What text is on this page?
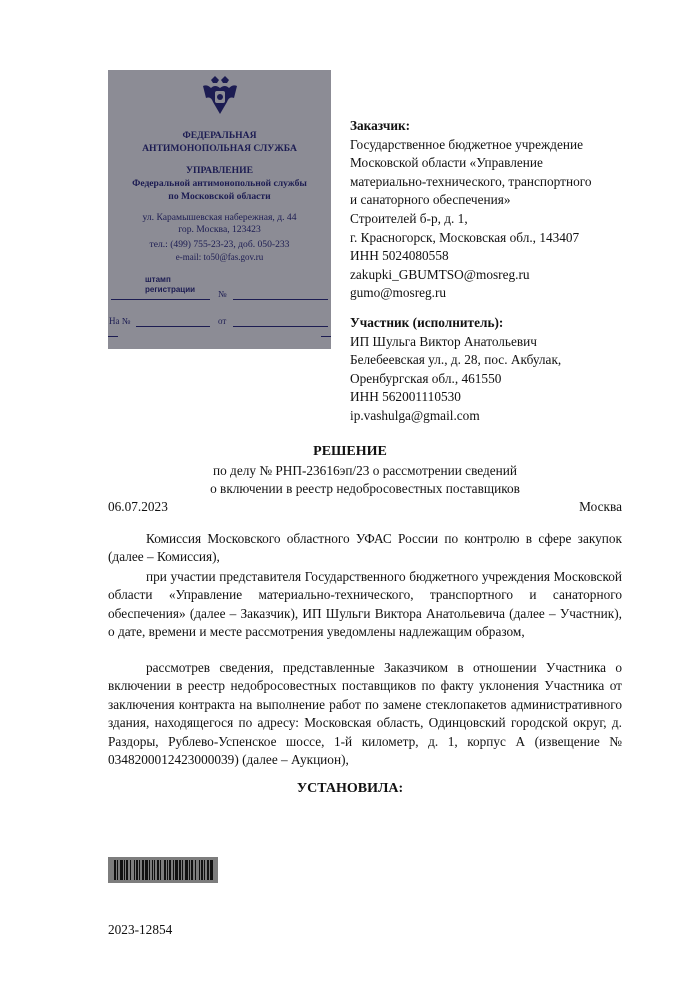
ФЕДЕРАЛЬНАЯ
АНТИМОНОПОЛЬНАЯ СЛУЖБА
УПРАВЛЕНИЕ
Федеральной антимонопольной службы
по Московской области
ул. Карамышевская набережная, д. 44
гор. Москва, 123423
тел.: (499) 755-23-23, доб. 050-233
e-mail: to50@fas.gov.ru
штамп
регистрации	№
На №	от
Заказчик:
Государственное бюджетное учреждение
Московской области «Управление
материально-технического, транспортного
и санаторного обеспечения»
Строителей б-р, д. 1,
г. Красногорск, Московская обл., 143407
ИНН 5024080558
zakupki_GBUMTSO@mosreg.ru
gumo@mosreg.ru
Участник (исполнитель):
ИП Шульга Виктор Анатольевич
Белебеевская ул., д. 28, пос. Акбулак,
Оренбургская обл., 461550
ИНН 562001110530
ip.vashulga@gmail.com
РЕШЕНИЕ
по делу № РНП-23616эп/23 о рассмотрении сведений
о включении в реестр недобросовестных поставщиков
06.07.2023	Москва

Комиссия Московского областного УФАС России по контролю в сфере закупок (далее – Комиссия),

при участии представителя Государственного бюджетного учреждения Московской области «Управление материально-технического, транспортного и санаторного обеспечения» (далее – Заказчик), ИП Шульги Виктора Анатольевича (далее – Участник), о дате, времени и месте рассмотрения уведомлены надлежащим образом,

рассмотрев сведения, представленные Заказчиком в отношении Участника о включении в реестр недобросовестных поставщиков по факту уклонения Участника от заключения контракта на выполнение работ по замене стеклопакетов административного здания, находящегося по адресу: Московская область, Одинцовский городской округ, д. Раздоры, Рублево-Успенское шоссе, 1-й километр, д. 1, корпус А (извещение № 0348200012423000039) (далее – Аукцион),

УСТАНОВИЛА:
2023-12854
